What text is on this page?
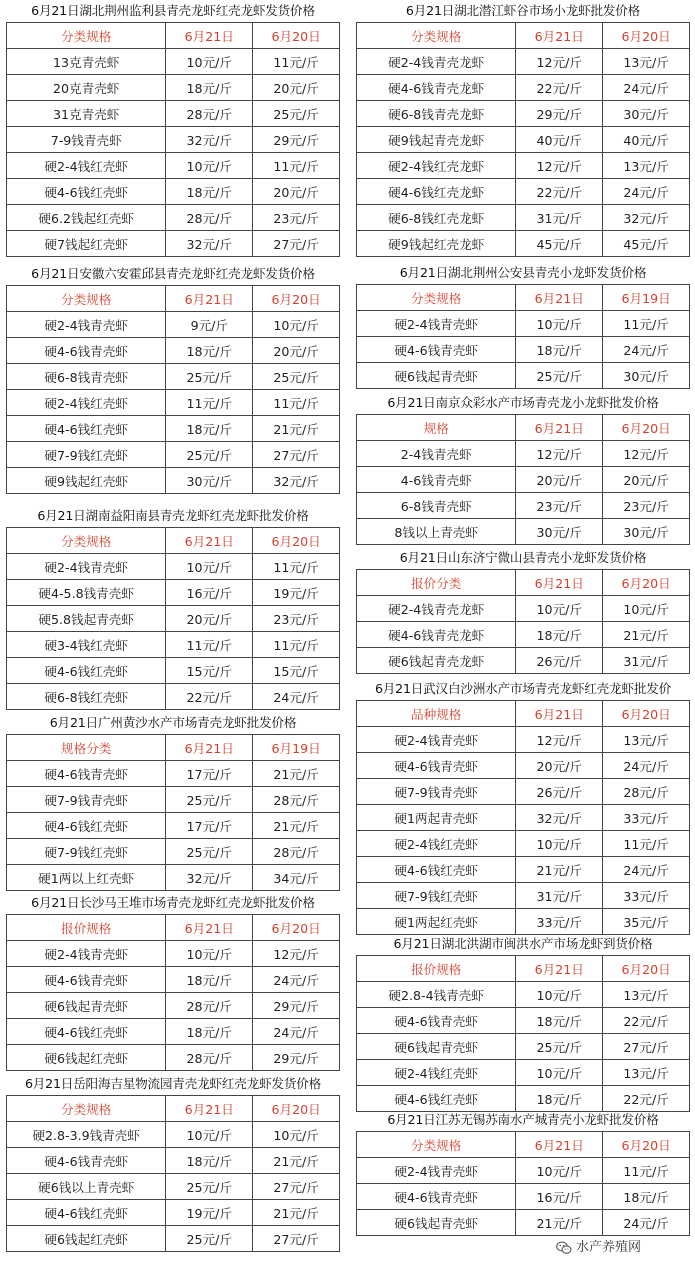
6月21日湖北荆州监利县青壳龙虾红壳龙虾发货价格
分类规格	6月21日	6月20日
13克青壳虾	10元/斤	11元/斤
20克青壳虾	18元/斤	20元/斤
31克青壳虾	28元/斤	25元/斤
7-9钱青壳虾	32元/斤	29元/斤
硬2-4钱红壳虾	10元/斤	11元/斤
硬4-6钱红壳虾	18元/斤	20元/斤
硬6.2钱起红壳虾	28元/斤	23元/斤
硬7钱起红壳虾	32元/斤	27元/斤
6月21日安徽六安霍邱县青壳龙虾红壳龙虾发货价格
分类规格	6月21日	6月20日
硬2-4钱青壳虾	9元/斤	10元/斤
硬4-6钱青壳虾	18元/斤	20元/斤
硬6-8钱青壳虾	25元/斤	25元/斤
硬2-4钱红壳虾	11元/斤	11元/斤
硬4-6钱红壳虾	18元/斤	21元/斤
硬7-9钱红壳虾	25元/斤	27元/斤
硬9钱起红壳虾	30元/斤	32元/斤
6月21日湖南益阳南县青壳龙虾红壳龙虾批发价格
分类规格	6月21日	6月20日
硬2-4钱青壳虾	10元/斤	11元/斤
硬4-5.8钱青壳虾	16元/斤	19元/斤
硬5.8钱起青壳虾	20元/斤	23元/斤
硬3-4钱红壳虾	11元/斤	11元/斤
硬4-6钱红壳虾	15元/斤	15元/斤
硬6-8钱红壳虾	22元/斤	24元/斤
6月21日广州黄沙水产市场青壳龙虾批发价格
规格分类	6月21日	6月19日
硬4-6钱青壳虾	17元/斤	21元/斤
硬7-9钱青壳虾	25元/斤	28元/斤
硬4-6钱红壳虾	17元/斤	21元/斤
硬7-9钱红壳虾	25元/斤	28元/斤
硬1两以上红壳虾	32元/斤	34元/斤
6月21日长沙马王堆市场青壳龙虾红壳龙虾批发价格
报价规格	6月21日	6月20日
硬2-4钱青壳虾	10元/斤	12元/斤
硬4-6钱青壳虾	18元/斤	24元/斤
硬6钱起青壳虾	28元/斤	29元/斤
硬4-6钱红壳虾	18元/斤	24元/斤
硬6钱起红壳虾	28元/斤	29元/斤
6月21日岳阳海吉星物流园青壳龙虾红壳龙虾发货价格
分类规格	6月21日	6月20日
硬2.8-3.9钱青壳虾	10元/斤	10元/斤
硬4-6钱青壳虾	18元/斤	21元/斤
硬6钱以上青壳虾	25元/斤	27元/斤
硬4-6钱红壳虾	19元/斤	21元/斤
硬6钱起红壳虾	25元/斤	27元/斤
6月21日湖北潜江虾谷市场小龙虾批发价格
分类规格	6月21日	6月20日
硬2-4钱青壳龙虾	12元/斤	13元/斤
硬4-6钱青壳龙虾	22元/斤	24元/斤
硬6-8钱青壳龙虾	29元/斤	30元/斤
硬9钱起青壳龙虾	40元/斤	40元/斤
硬2-4钱红壳龙虾	12元/斤	13元/斤
硬4-6钱红壳龙虾	22元/斤	24元/斤
硬6-8钱红壳龙虾	31元/斤	32元/斤
硬9钱起红壳龙虾	45元/斤	45元/斤
6月21日湖北荆州公安县青壳小龙虾发货价格
分类规格	6月21日	6月19日
硬2-4钱青壳虾	10元/斤	11元/斤
硬4-6钱青壳虾	18元/斤	24元/斤
硬6钱起青壳虾	25元/斤	30元/斤
6月21日南京众彩水产市场青壳龙小龙虾批发价格
规格	6月21日	6月20日
2-4钱青壳虾	12元/斤	12元/斤
4-6钱青壳虾	20元/斤	20元/斤
6-8钱青壳虾	23元/斤	23元/斤
8钱以上青壳虾	30元/斤	30元/斤
6月21日山东济宁微山县青壳小龙虾发货价格
报价分类	6月21日	6月20日
硬2-4钱青壳龙虾	10元/斤	10元/斤
硬4-6钱青壳龙虾	18元/斤	21元/斤
硬6钱起青壳龙虾	26元/斤	31元/斤
6月21日武汉白沙洲水产市场青壳龙虾红壳龙虾批发价
品种规格	6月21日	6月20日
硬2-4钱青壳虾	12元/斤	13元/斤
硬4-6钱青壳虾	20元/斤	24元/斤
硬7-9钱青壳虾	26元/斤	28元/斤
硬1两起青壳虾	32元/斤	33元/斤
硬2-4钱红壳虾	10元/斤	11元/斤
硬4-6钱红壳虾	21元/斤	24元/斤
硬7-9钱红壳虾	31元/斤	33元/斤
硬1两起红壳虾	33元/斤	35元/斤
6月21日湖北洪湖市闽洪水产市场龙虾到货价格
报价规格	6月21日	6月20日
硬2.8-4钱青壳虾	10元/斤	13元/斤
硬4-6钱青壳虾	18元/斤	22元/斤
硬6钱起青壳虾	25元/斤	27元/斤
硬2-4钱红壳虾	10元/斤	13元/斤
硬4-6钱红壳虾	18元/斤	22元/斤
6月21日江苏无锡苏南水产城青壳小龙虾批发价格
分类规格	6月21日	6月20日
硬2-4钱青壳虾	10元/斤	11元/斤
硬4-6钱青壳虾	16元/斤	18元/斤
硬6钱起青壳虾	21元/斤	24元/斤
水产养殖网
